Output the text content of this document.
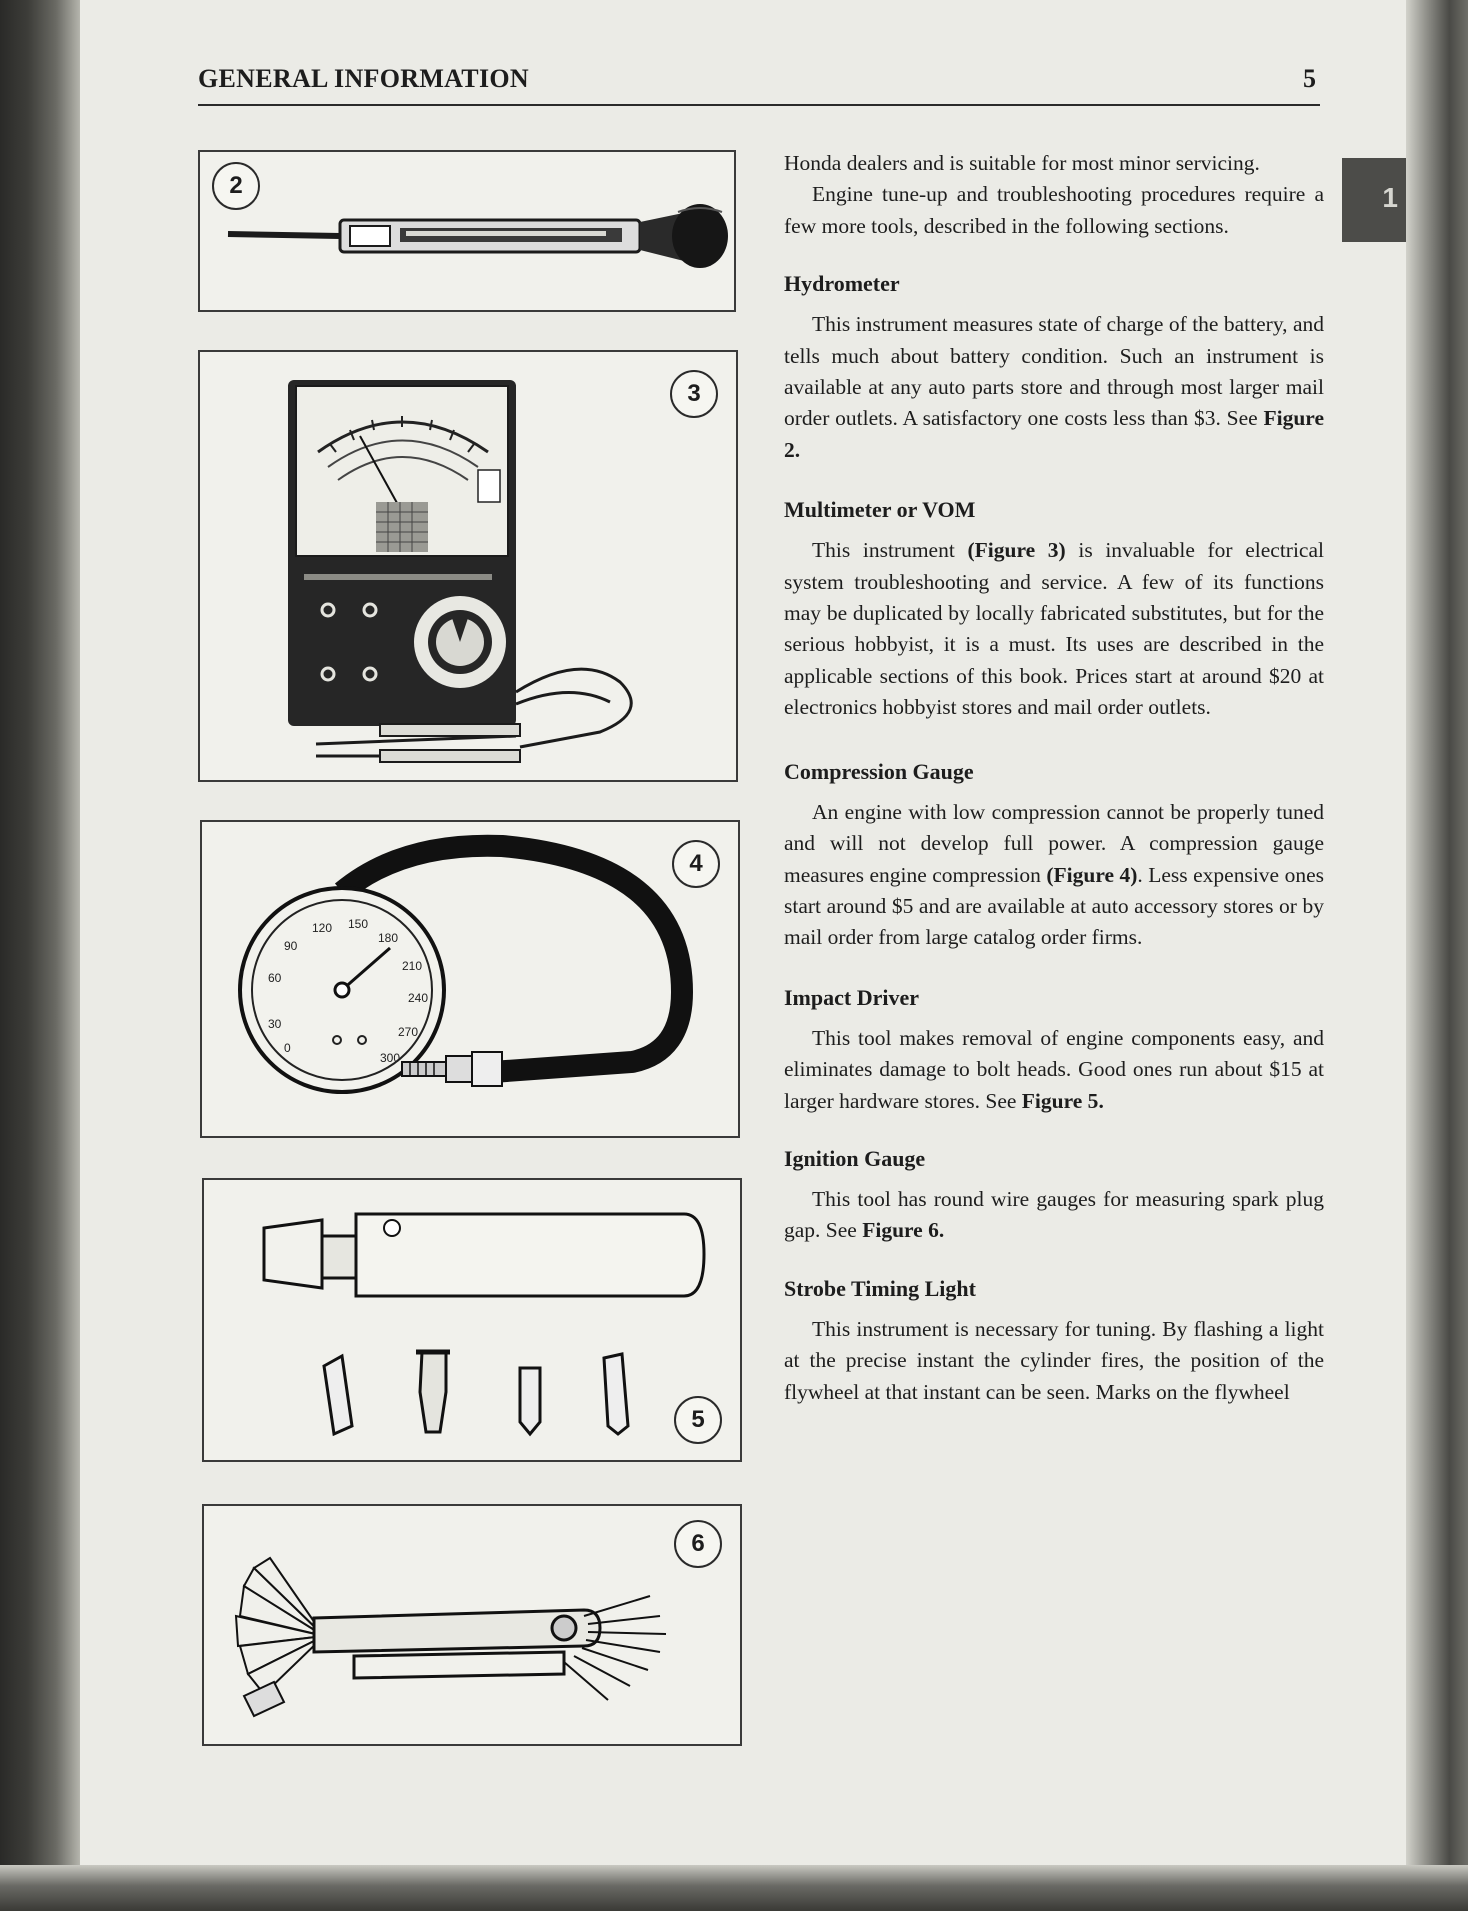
1
GENERAL INFORMATION	5
2
3
30
60
90
120 150
180
210
240
270
300
0
4
5
6

Honda dealers and is suitable for most minor servicing.

Engine tune-up and troubleshooting procedures require a few more tools, described in the following sections.

Hydrometer

This instrument measures state of charge of the battery, and tells much about battery condition. Such an instrument is available at any auto parts store and through most larger mail order outlets. A satisfactory one costs less than $3. See Figure 2.

Multimeter or VOM

This instrument (Figure 3) is invaluable for electrical system troubleshooting and service. A few of its functions may be duplicated by locally fabricated substitutes, but for the serious hobbyist, it is a must. Its uses are described in the applicable sections of this book. Prices start at around $20 at electronics hobbyist stores and mail order outlets.

Compression Gauge

An engine with low compression cannot be properly tuned and will not develop full power. A compression gauge measures engine compression (Figure 4). Less expensive ones start around $5 and are available at auto accessory stores or by mail order from large catalog order firms.

Impact Driver

This tool makes removal of engine components easy, and eliminates damage to bolt heads. Good ones run about $15 at larger hardware stores. See Figure 5.

Ignition Gauge

This tool has round wire gauges for measuring spark plug gap. See Figure 6.

Strobe Timing Light

This instrument is necessary for tuning. By flashing a light at the precise instant the cylinder fires, the position of the flywheel at that instant can be seen. Marks on the flywheel
